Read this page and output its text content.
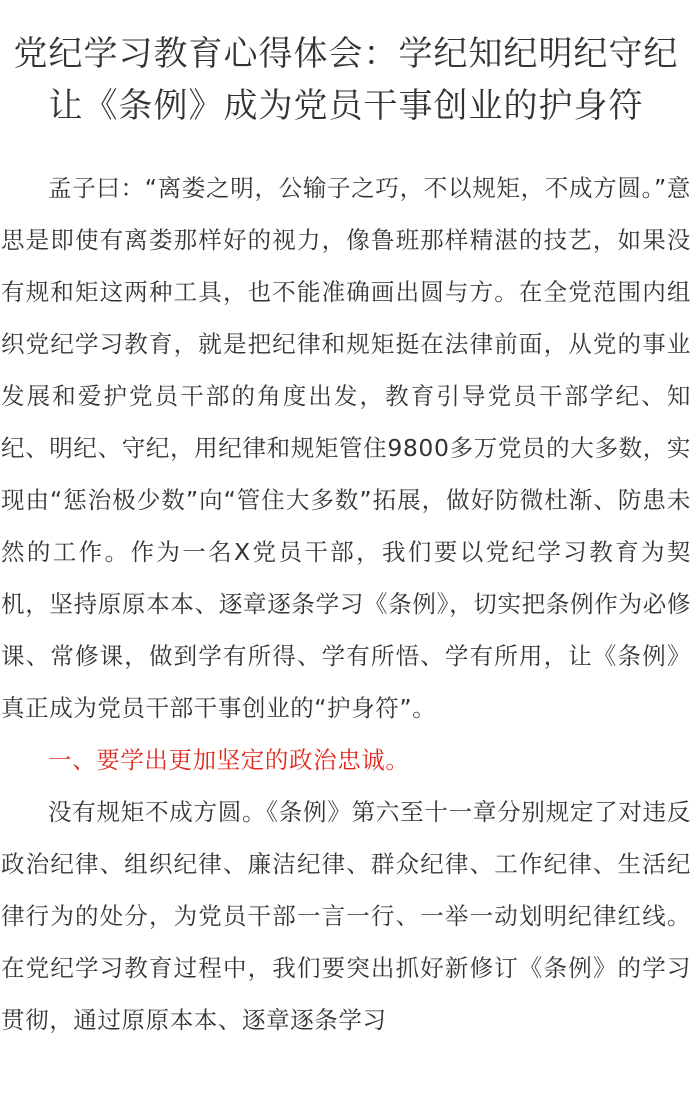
党纪学习教育心得体会：学纪知纪明纪守纪
让《条例》成为党员干事创业的护身符

孟子曰：“离娄之明，公输子之巧，不以规矩，不成方圆。”意思是即使有离娄那样好的视力，像鲁班那样精湛的技艺，如果没有规和矩这两种工具，也不能准确画出圆与方。在全党范围内组织党纪学习教育，就是把纪律和规矩挺在法律前面，从党的事业发展和爱护党员干部的角度出发，教育引导党员干部学纪、知纪、明纪、守纪，用纪律和规矩管住9800多万党员的大多数，实现由“惩治极少数”向“管住大多数”拓展，做好防微杜渐、防患未然的工作。作为一名X党员干部，我们要以党纪学习教育为契机，坚持原原本本、逐章逐条学习《条例》，切实把条例作为必修课、常修课，做到学有所得、学有所悟、学有所用，让《条例》真正成为党员干部干事创业的“护身符”。

一、要学出更加坚定的政治忠诚。

没有规矩不成方圆。《条例》第六至十一章分别规定了对违反政治纪律、组织纪律、廉洁纪律、群众纪律、工作纪律、生活纪律行为的处分，为党员干部一言一行、一举一动划明纪律红线。在党纪学习教育过程中，我们要突出抓好新修订《条例》的学习贯彻，通过原原本本、逐章逐条学习
